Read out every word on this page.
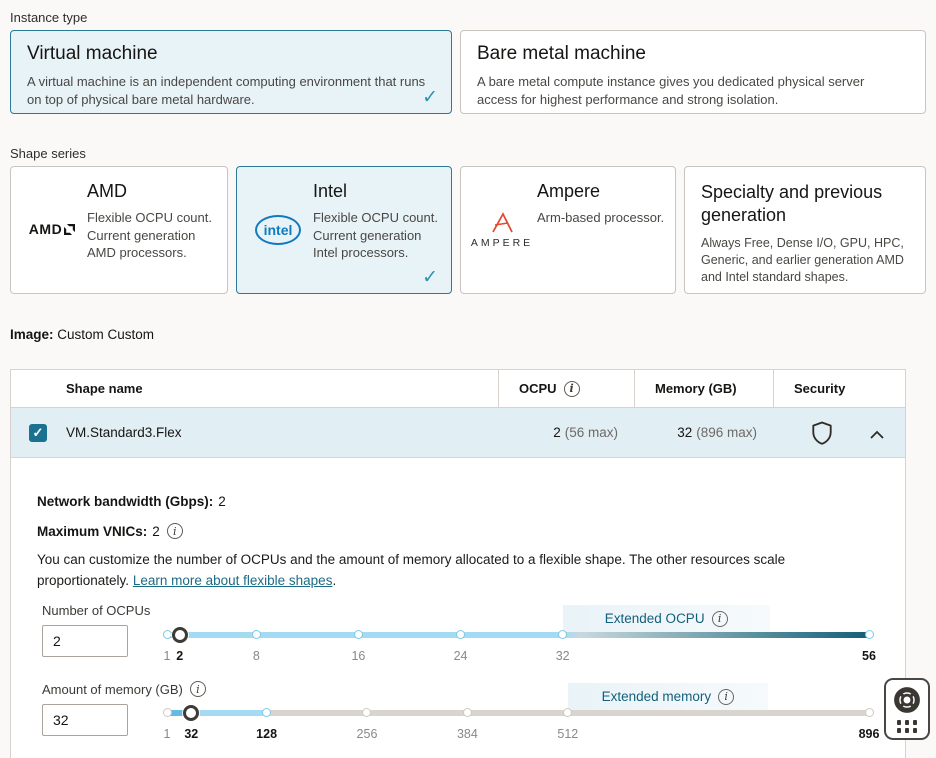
Instance type
Virtual machine
A virtual machine is an independent computing environment that runs on top of physical bare metal hardware.
✓
Bare metal machine
A bare metal compute instance gives you dedicated physical server access for highest performance and strong isolation.
Shape series
AMD
AMD
Flexible OCPU count. Current generation AMD processors.
intel
Intel
Flexible OCPU count. Current generation Intel processors.
✓
AMPERE
Ampere
Arm-based processor.
Specialty and previous generation
Always Free, Dense I/O, GPU, HPC, Generic, and earlier generation AMD and Intel standard shapes.
Image: Custom Custom
Shape name	OCPU i	Memory (GB)	Security
✓
VM.Standard3.Flex	2 (56 max)	32 (896 max)
Network bandwidth (Gbps): 2
Maximum VNICs: 2
i
You can customize the number of OCPUs and the amount of memory allocated to a flexible shape. The other resources scale proportionately. Learn more about flexible shapes.
Number of OCPUs
2
Extended OCPU
i
1 2	8	16	24	32	56
Amount of memory (GB) i
32	Extended memory
i
1 32	128	256	384	512	896
